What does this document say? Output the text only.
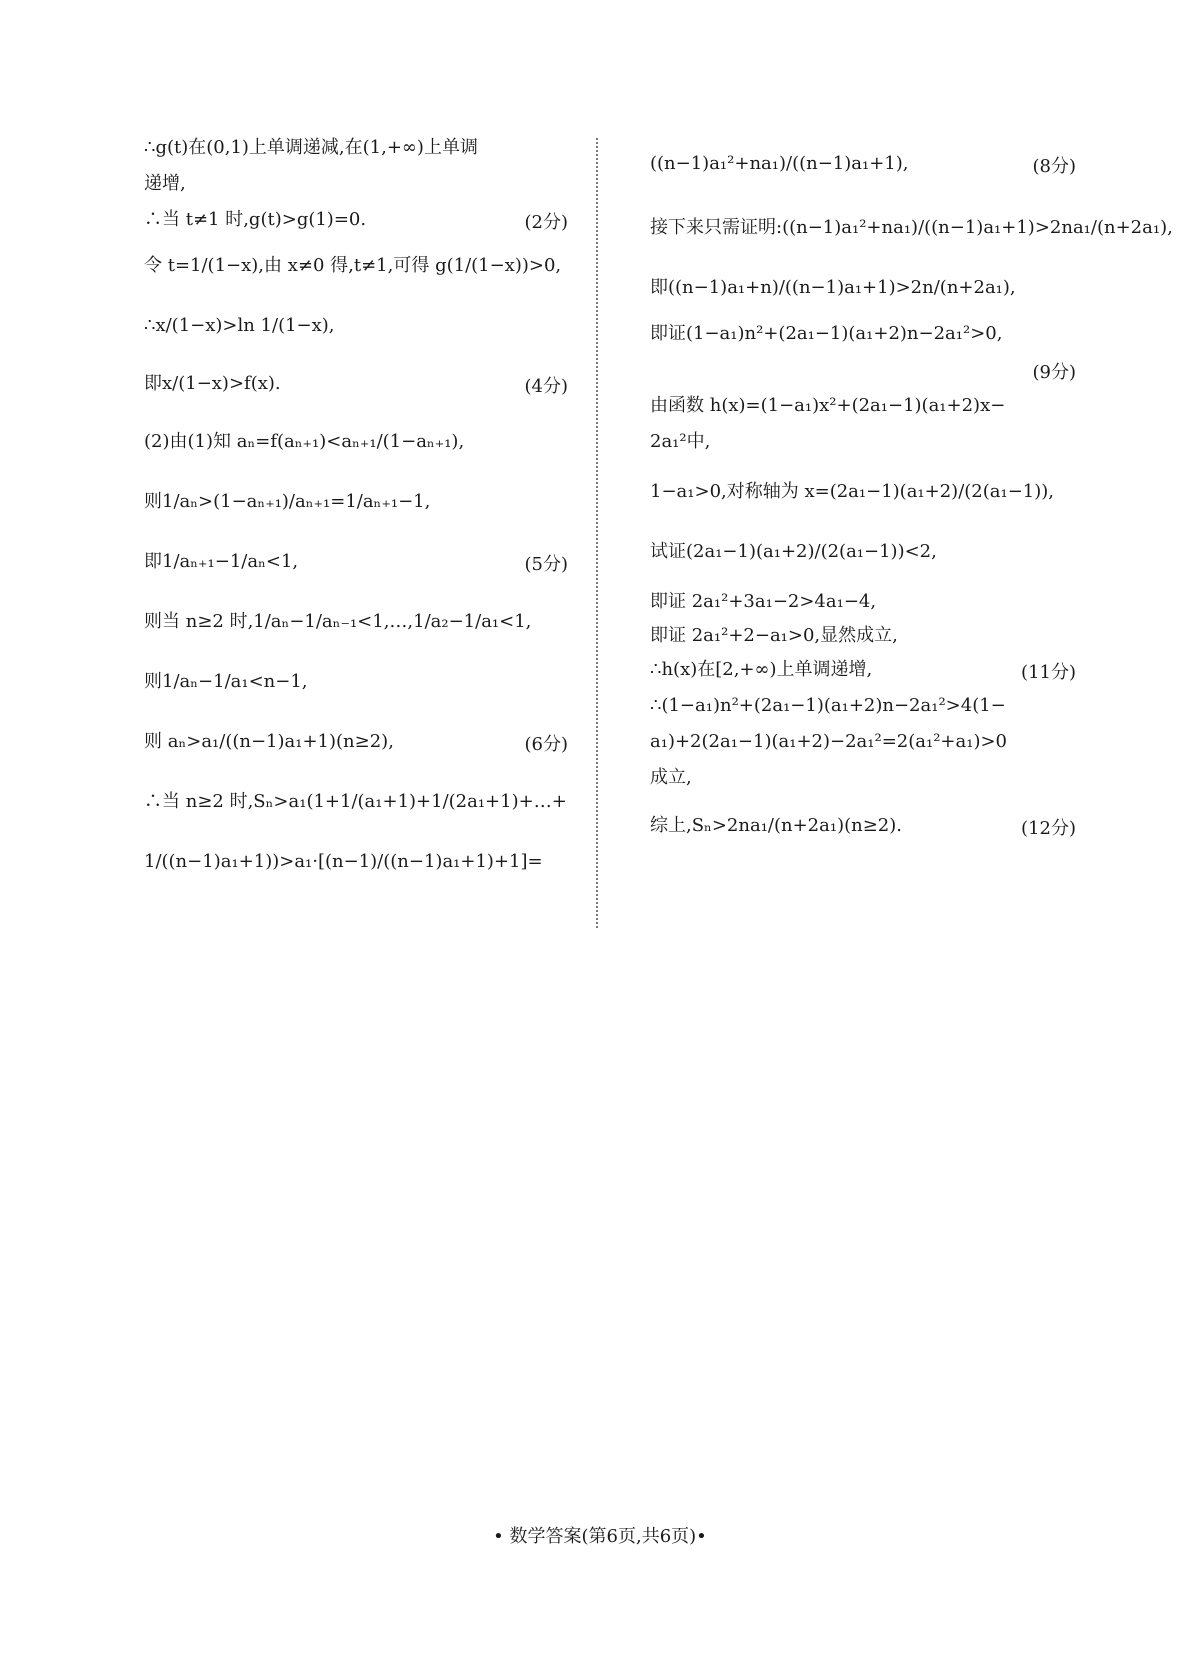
∴g(t)在(0,1)上单调递减,在(1,+∞)上单调
递增,
∴当 t≠1 时,g(t)>g(1)=0.	(2分)
令 t=1/(1−x),由 x≠0 得,t≠1,可得 g(1/(1−x))>0,
∴x/(1−x)>ln 1/(1−x),
即x/(1−x)>f(x).	(4分)
(2)由(1)知 aₙ=f(aₙ₊₁)<aₙ₊₁/(1−aₙ₊₁),
则1/aₙ>(1−aₙ₊₁)/aₙ₊₁=1/aₙ₊₁−1,
即1/aₙ₊₁−1/aₙ<1,	(5分)
则当 n≥2 时,1/aₙ−1/aₙ₋₁<1,…,1/a₂−1/a₁<1,
则1/aₙ−1/a₁<n−1,
则 aₙ>a₁/((n−1)a₁+1)(n≥2),	(6分)
∴当 n≥2 时,Sₙ>a₁(1+1/(a₁+1)+1/(2a₁+1)+…+
1/((n−1)a₁+1))>a₁·[(n−1)/((n−1)a₁+1)+1]=
((n−1)a₁²+na₁)/((n−1)a₁+1),	(8分)
接下来只需证明:((n−1)a₁²+na₁)/((n−1)a₁+1)>2na₁/(n+2a₁),
即((n−1)a₁+n)/((n−1)a₁+1)>2n/(n+2a₁),
即证(1−a₁)n²+(2a₁−1)(a₁+2)n−2a₁²>0,
(9分)
由函数 h(x)=(1−a₁)x²+(2a₁−1)(a₁+2)x−
2a₁²中,
1−a₁>0,对称轴为 x=(2a₁−1)(a₁+2)/(2(a₁−1)),
试证(2a₁−1)(a₁+2)/(2(a₁−1))<2,
即证 2a₁²+3a₁−2>4a₁−4,
即证 2a₁²+2−a₁>0,显然成立,
∴h(x)在[2,+∞)上单调递增,	(11分)
∴(1−a₁)n²+(2a₁−1)(a₁+2)n−2a₁²>4(1−
a₁)+2(2a₁−1)(a₁+2)−2a₁²=2(a₁²+a₁)>0
成立,
综上,Sₙ>2na₁/(n+2a₁)(n≥2).	(12分)
• 数学答案(第6页,共6页)•
